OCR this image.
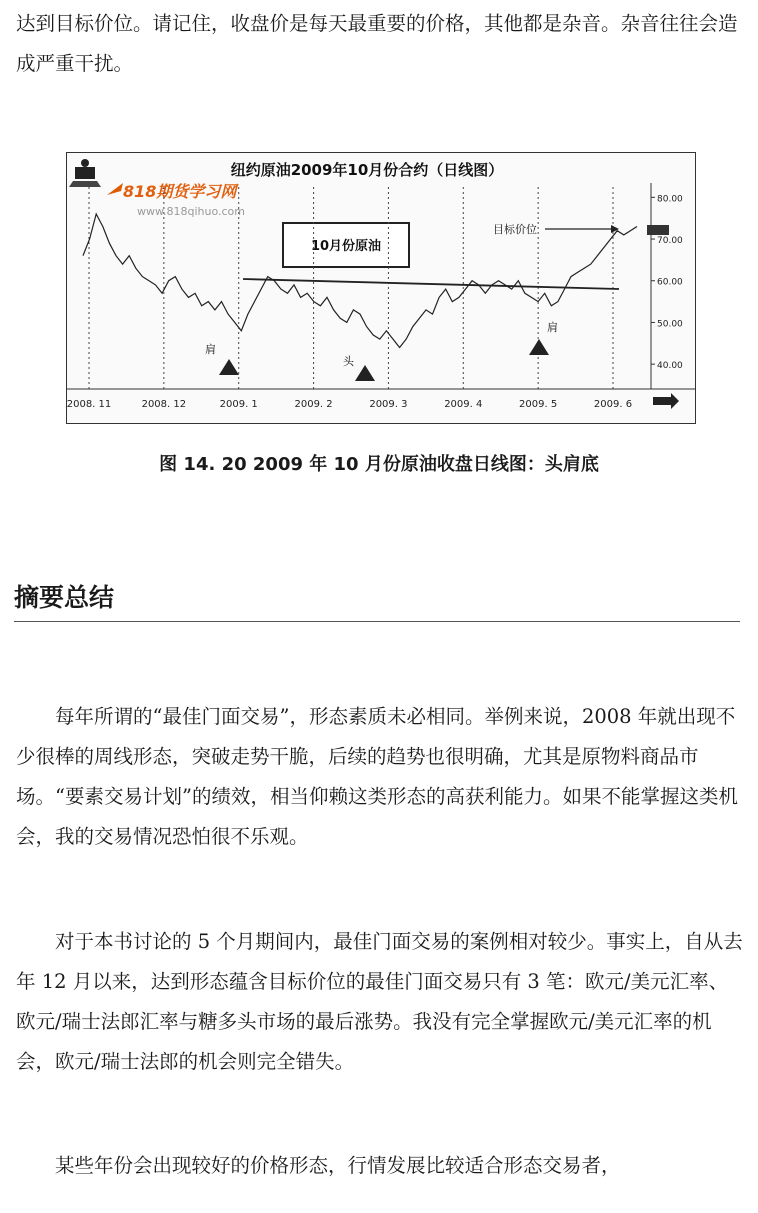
达到目标价位。请记住，收盘价是每天最重要的价格，其他都是杂音。杂音往往会造成严重干扰。

纽约原油2009年10月份合约（日线图）
818期货学习网
www.818qihuo.com
10月份原油
80.00
70.00
60.00
50.00
40.00
2008. 11	2008. 12	2009. 1	2009. 2	2009. 3	2009. 4	2009. 5	2009. 6
肩
头
肩
目标价位
图 14. 20 2009 年 10 月份原油收盘日线图：头肩底
摘要总结

每年所谓的“最佳门面交易”，形态素质未必相同。举例来说，2008 年就出现不少很棒的周线形态，突破走势干脆，后续的趋势也很明确，尤其是原物料商品市场。“要素交易计划”的绩效，相当仰赖这类形态的高获利能力。如果不能掌握这类机会，我的交易情况恐怕很不乐观。

对于本书讨论的 5 个月期间内，最佳门面交易的案例相对较少。事实上，自从去年 12 月以来，达到形态蕴含目标价位的最佳门面交易只有 3 笔：欧元/美元汇率、欧元/瑞士法郎汇率与糖多头市场的最后涨势。我没有完全掌握欧元/美元汇率的机会，欧元/瑞士法郎的机会则完全错失。

某些年份会出现较好的价格形态，行情发展比较适合形态交易者，
